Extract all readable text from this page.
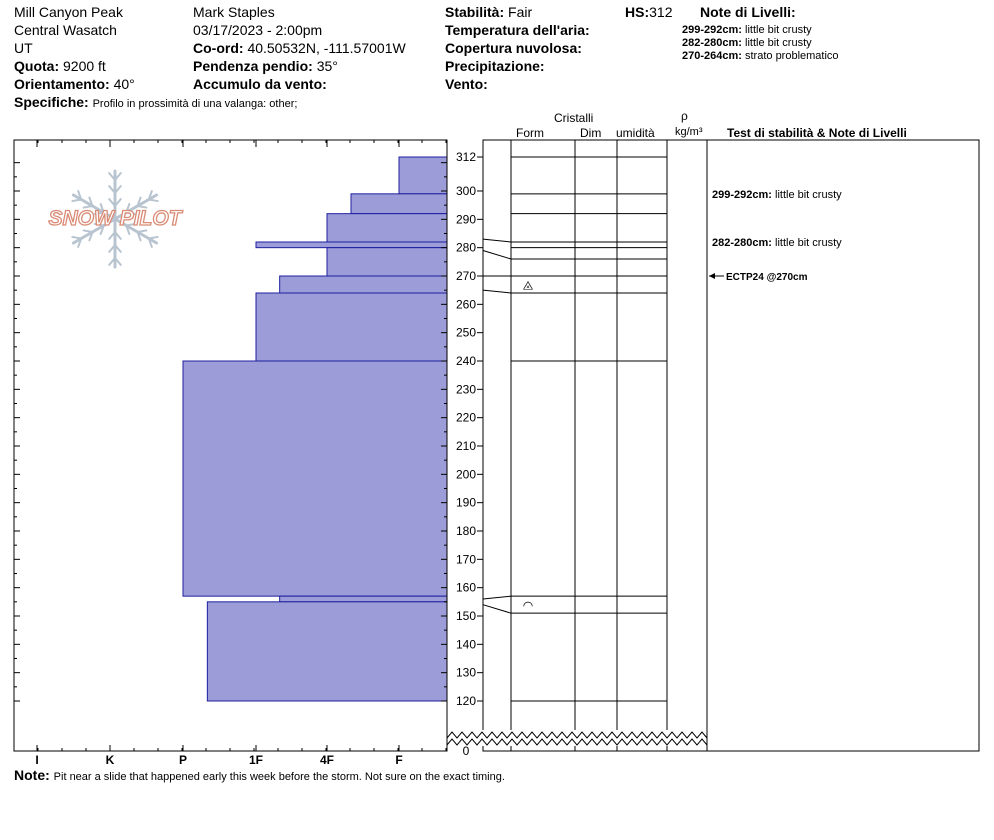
Mill Canyon Peak
Central Wasatch
UT
Quota: 9200 ft
Orientamento: 40°
Specifiche: Profilo in prossimità di una valanga: other;
Mark Staples
03/17/2023 - 2:00pm
Co-ord: 40.50532N, -111.57001W
Pendenza pendio: 35°
Accumulo da vento:
Stabilità: Fair
Temperatura dell'aria:
Copertura nuvolosa:
Precipitazione:
Vento:
HS:312 Note di Livelli:
299-292cm: little bit crusty
282-280cm: little bit crusty
270-264cm: strato problematico
Cristalli
Form	Dim umidità
ρ
kg/m³ Test di stabilità & Note di Livelli
SNOW PILOT
312
300
290
280
270
260
250
240
230
220
210
200
190
180
170
160
150
140
130
120
0
I	K	P	1F	4F	F
⨻
◠
299-292cm: little bit crusty
282-280cm: little bit crusty
ECTP24 @270cm
Note: Pit near a slide that happened early this week before the storm. Not sure on the exact timing.
